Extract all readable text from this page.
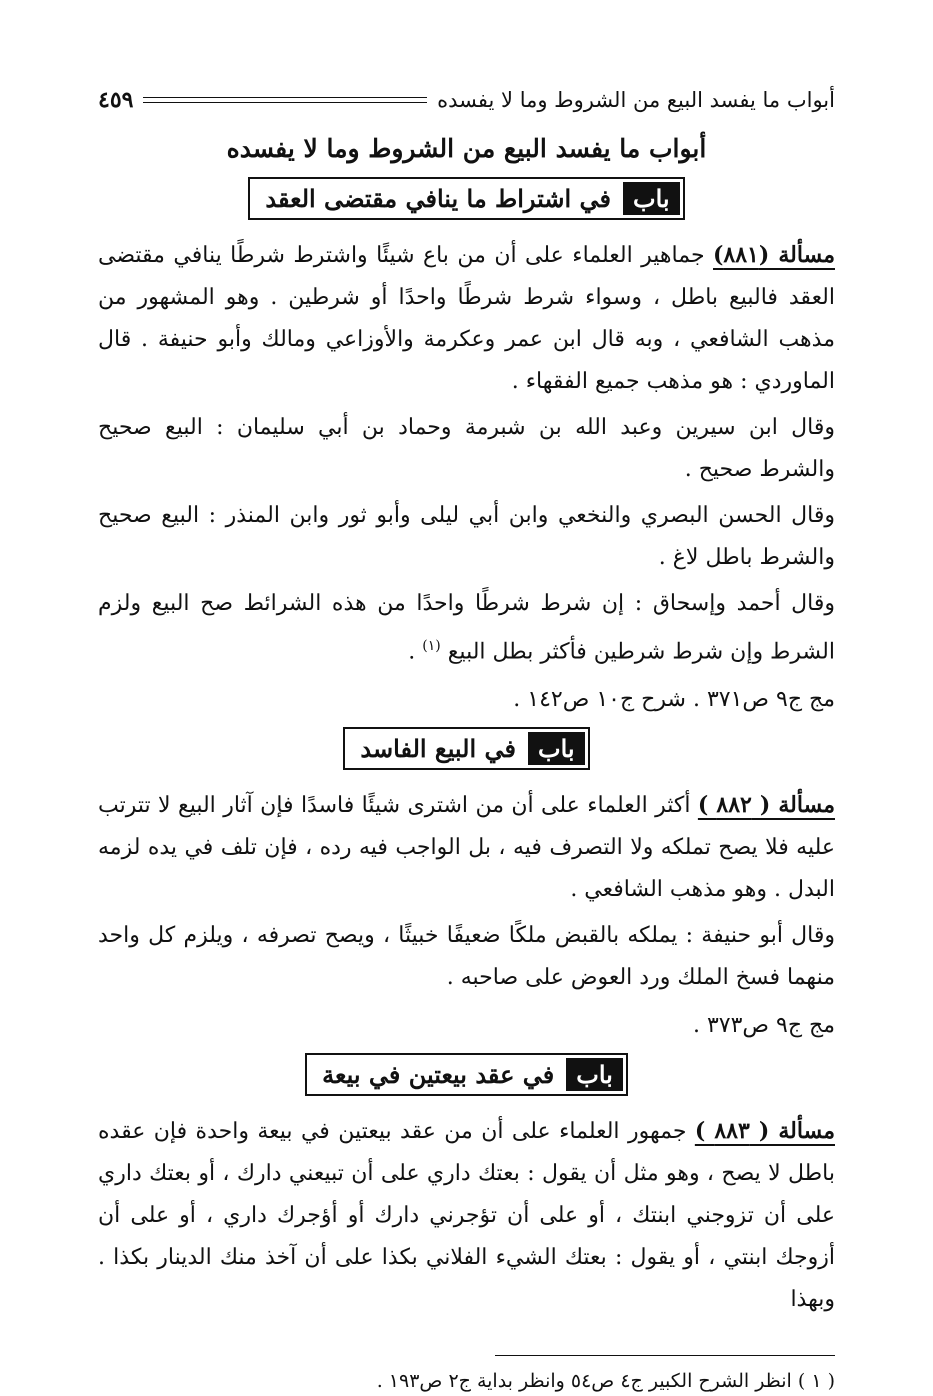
أبواب ما يفسد البيع من الشروط وما لا يفسده
٤٥٩
أبواب ما يفسد البيع من الشروط وما لا يفسده
باب
في اشتراط ما ينافي مقتضى العقد

مسألة (٨٨١) جماهير العلماء على أن من باع شيئًا واشترط شرطًا ينافي مقتضى العقد فالبيع باطل ، وسواء شرط شرطًا واحدًا أو شرطين . وهو المشهور من مذهب الشافعي ، وبه قال ابن عمر وعكرمة والأوزاعي ومالك وأبو حنيفة . قال الماوردي : هو مذهب جميع الفقهاء .

وقال ابن سيرين وعبد الله بن شبرمة وحماد بن أبي سليمان : البيع صحيح والشرط صحيح .

وقال الحسن البصري والنخعي وابن أبي ليلى وأبو ثور وابن المنذر : البيع صحيح والشرط باطل لاغ .

وقال أحمد وإسحاق : إن شرط شرطًا واحدًا من هذه الشرائط صح البيع ولزم الشرط وإن شرط شرطين فأكثر بطل البيع $^{(١)}$ .

مج ج٩ ص٣٧١ . شرح ج١٠ ص١٤٢ .
باب
في البيع الفاسد

مسألة ( ٨٨٢ ) أكثر العلماء على أن من اشترى شيئًا فاسدًا فإن آثار البيع لا تترتب عليه فلا يصح تملكه ولا التصرف فيه ، بل الواجب فيه رده ، فإن تلف في يده لزمه البدل . وهو مذهب الشافعي .

وقال أبو حنيفة : يملكه بالقبض ملكًا ضعيفًا خبيثًا ، ويصح تصرفه ، ويلزم كل واحد منهما فسخ الملك ورد العوض على صاحبه .

مج ج٩ ص٣٧٣ .
باب
في عقد بيعتين في بيعة

مسألة ( ٨٨٣ ) جمهور العلماء على أن من عقد بيعتين في بيعة واحدة فإن عقده باطل لا يصح ، وهو مثل أن يقول : بعتك داري على أن تبيعني دارك ، أو بعتك داري على أن تزوجني ابنتك ، أو على أن تؤجرني دارك أو أؤجرك داري ، أو على أن أزوجك ابنتي ، أو يقول : بعتك الشيء الفلاني بكذا على أن آخذ منك الدينار بكذا . وبهذا

( ١ ) انظر الشرح الكبير ج٤ ص٥٤ وانظر بداية ج٢ ص١٩٣ .
